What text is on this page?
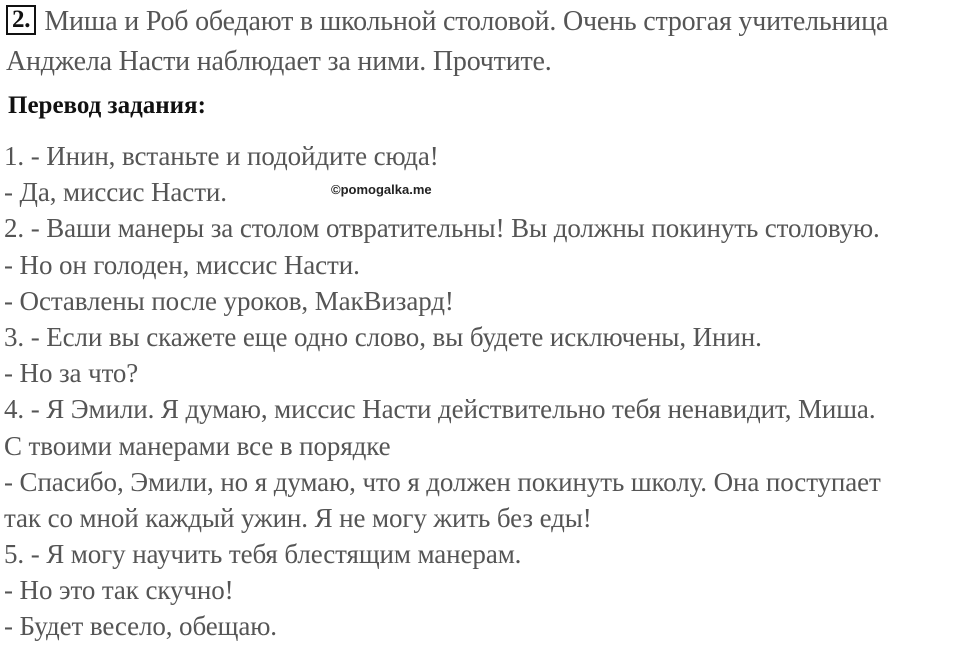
2. Миша и Роб обедают в школьной столовой. Очень строгая учительница
Анджела Насти наблюдает за ними. Прочтите.
Перевод задания:
1. - Инин, встаньте и подойдите сюда!
- Да, миссис Насти.
2. - Ваши манеры за столом отвратительны! Вы должны покинуть столовую.
- Но он голоден, миссис Насти.
- Оставлены после уроков, МакВизард!
3. - Если вы скажете еще одно слово, вы будете исключены, Инин.
- Но за что?
4. - Я Эмили. Я думаю, миссис Насти действительно тебя ненавидит, Миша.
С твоими манерами все в порядке
- Спасибо, Эмили, но я думаю, что я должен покинуть школу. Она поступает
так со мной каждый ужин. Я не могу жить без еды!
5. - Я могу научить тебя блестящим манерам.
- Но это так скучно!
- Будет весело, обещаю.
©pomogalka.me
